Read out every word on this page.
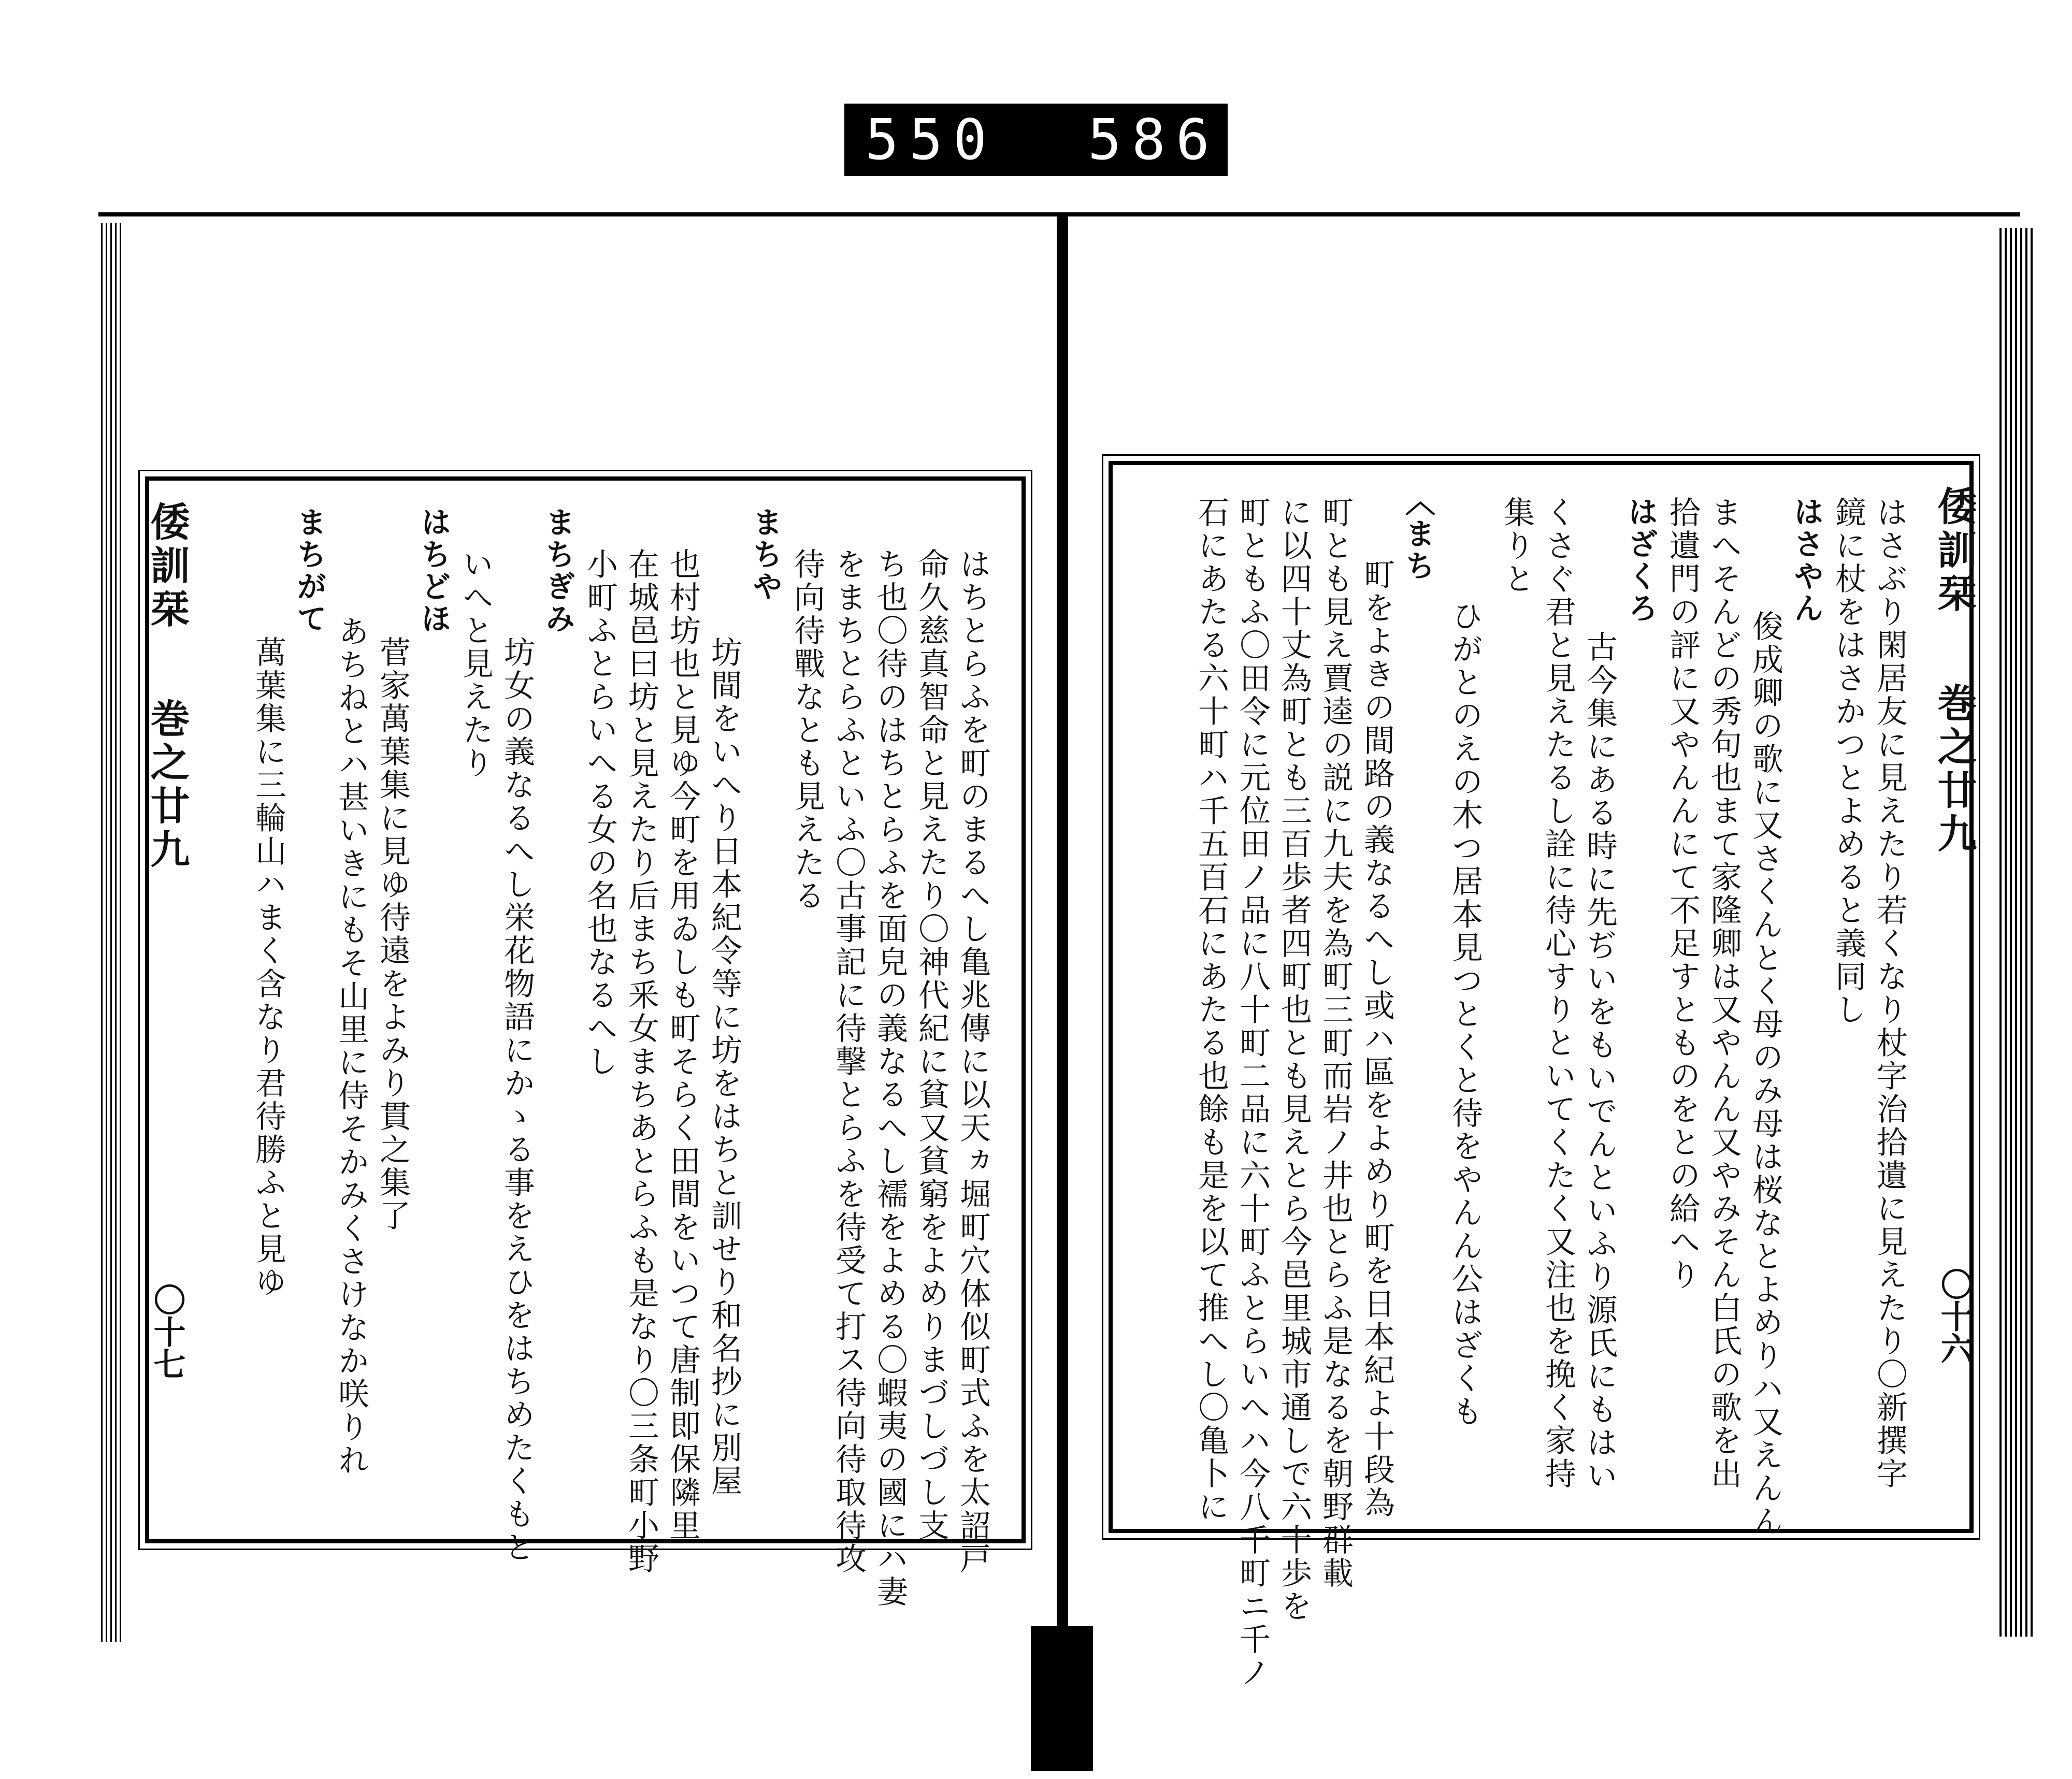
550 586.
倭訓栞
巻之廿九
〇十七	はちとらふを町のまるへし亀兆傳に以天ヵ堀町穴体似町式ふを太詔戸
命久慈真智命と見えたり〇神代紀に貧又貧窮をよめりまづしづし支
ち也〇待のはちとらふを面皃の義なるへし襦をよめる〇蝦夷の國にハ妻
をまちとらふといふ〇古事記に待撃とらふを待受て打ス待向待取待攻
待向待戰なとも見えたる
まちや
坊間をいへり日本紀令等に坊をはちと訓せり和名抄に別屋
也村坊也と見ゆ今町を用ゐしも町そらく田間をいつて唐制即保隣里
在城邑曰坊と見えたり后まち釆女まちあとらふも是なり〇三条町小野
小町ふとらいへる女の名也なるへし
まちぎみ
坊女の義なるへし栄花物語にかゝる事をえひをはちめたくもと
いへと見えたり
はちどほ
菅家萬葉集に見ゆ待遠をよみり貫之集了
あちねとハ甚いきにもそ山里に侍そかみくさけなか咲りれ
まちがて
萬葉集に三輪山ハまく含なり君待勝ふと見ゆ
倭訓栞
巻之廿九
〇十六
はさぶり閑居友に見えたり若くなり杖字治拾遺に見えたり〇新撰字
鏡に杖をはさかつとよめると義同し
はさやん
俊成卿の歌に又さくんとく母のみ母は桜なとよめりハ又えんん
まへそんどの秀句也まて家隆卿は又やんん又やみそん白氏の歌を出
拾遺門の評に又やんんにて不足すとものをとの給へり
はざくろ
古今集にある時に先ぢいをもいでんといふり源氏にもはい
くさぐ君と見えたるし詮に待心すりといてくたく又注也を挽く家持
集りと
ひがとのえの木つ居本見つとくと待をやんん公はざくも
〈まち
町をよきの間路の義なるへし或ハ區をよめり町を日本紀よ十段為
町とも見え賈逵の説に九夫を為町三町而岩ノ井也とらふ是なるを朝野群載
に以四十丈為町とも三百歩者四町也とも見えとら今邑里城市通しで六十歩を
町ともふ〇田令に元位田ノ品に八十町二品に六十町ふとらいへハ今八千町ニ千ノ
石にあたる六十町ハ千五百石にあたる也餘も是を以て推へし〇亀卜に
